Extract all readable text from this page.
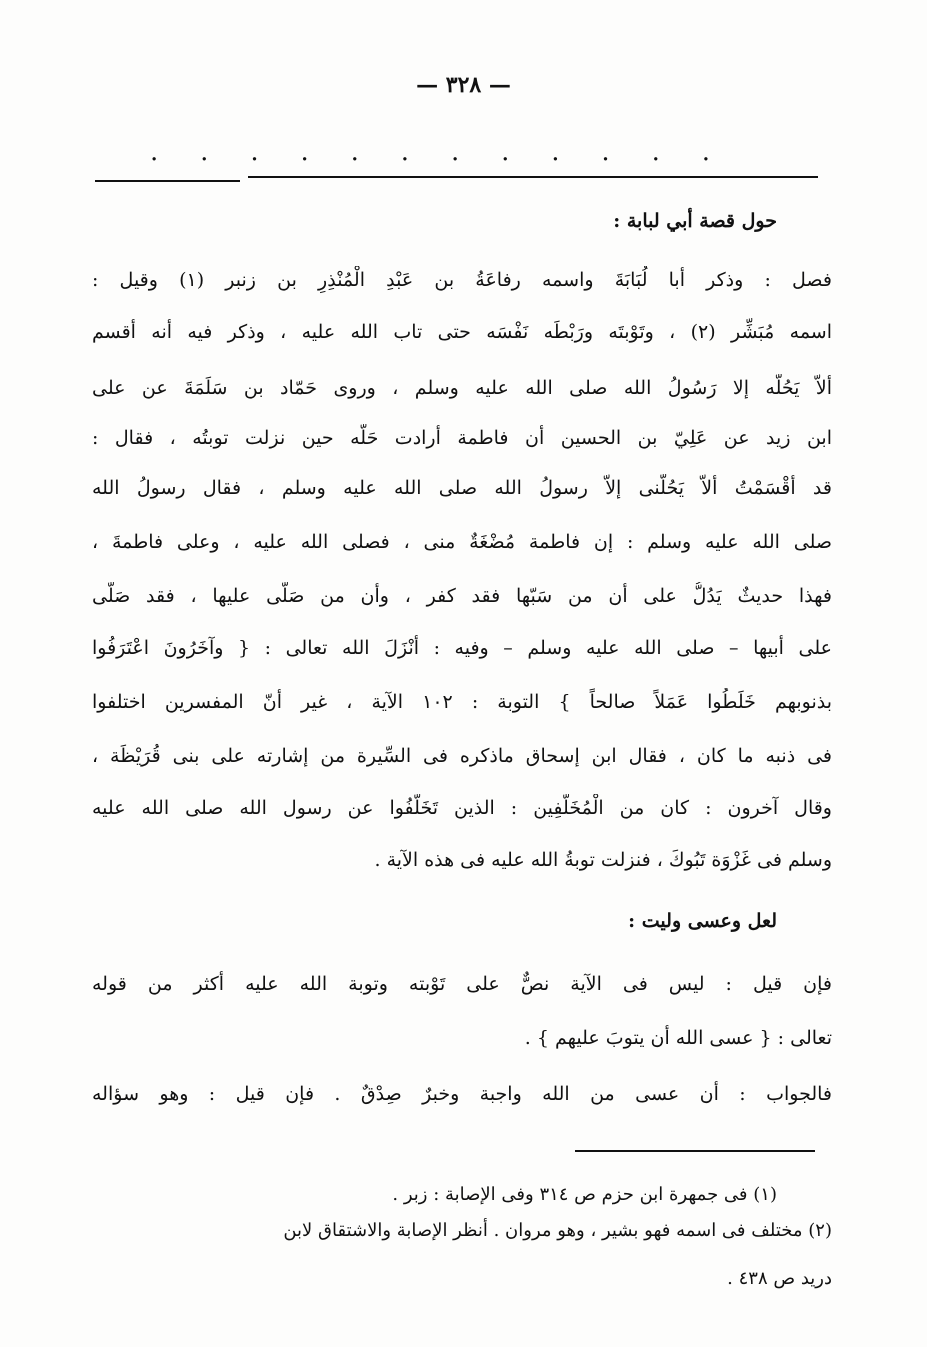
— ٣٢٨ —
. . . . . . . . . . . .
حول قصة أبي لبابة :
فصل : وذكر أبا لُبَابَةَ واسمه رفاعَةُ بن عَبْدِ الْمُنْذِرِ بن زنبر (١) وقيل :
اسمه مُبَشِّر (٢) ، وتَوْبتَه ورَبْطَه نَفْسَه حتى تاب الله عليه ، وذكر فيه أنه أقسم
ألاّ يَحُلّه إلا رَسُولُ الله صلى الله عليه وسلم ، وروى حَمّاد بن سَلَمَةَ عن على
ابن زيد عن عَلِيّ بن الحسين أن فاطمة أرادت حَلّه حين نزلت توبتُه ، فقال :
قد أقْسَمْتُ ألاّ يَحُلّنى إلاّ رسولُ الله صلى الله عليه وسلم ، فقال رسولُ الله
صلى الله عليه وسلم : إن فاطمة مُضْغَةٌ منى ، فصلى الله عليه ، وعلى فاطمةَ ،
فهذا حديثٌ يَدُلُّ على أن من سَبّها فقد كفر ، وأن من صَلّى عليها ، فقد صَلّى
على أبيها – صلى الله عليه وسلم – وفيه : أنْزَلَ الله تعالى : { وآخَرُونَ اعْتَرَفُوا
بذنوبهم خَلَطُوا عَمَلاً صالحاً } التوبة : ١٠٢ الآية ، غير أنّ المفسرين اختلفوا
فى ذنبه ما كان ، فقال ابن إسحاق ماذكره فى السِّيرة من إشارته على بنى قُرَيْظَة ،
وقال آخرون : كان من الْمُخَلَّفِين : الذين تَخَلّفُوا عن رسول الله صلى الله عليه
وسلم فى غَزْوَة تَبُوكَ ، فنزلت توبةُ الله عليه فى هذه الآية .
لعل وعسى وليت :
فإن قيل : ليس فى الآية نصٌّ على تَوْبته وتوبة الله عليه أكثر من قوله
تعالى : { عسى الله أن يتوبَ عليهم } .
فالجواب : أن عسى من الله واجبة وخبرٌ صِدْقٌ . فإن قيل : وهو سؤاله
(١) فى جمهرة ابن حزم ص ٣١٤ وفى الإصابة : زبر .
(٢) مختلف فى اسمه فهو بشير ، وهو مروان . أنظر الإصابة والاشتقاق لابن
دريد ص ٤٣٨ .
